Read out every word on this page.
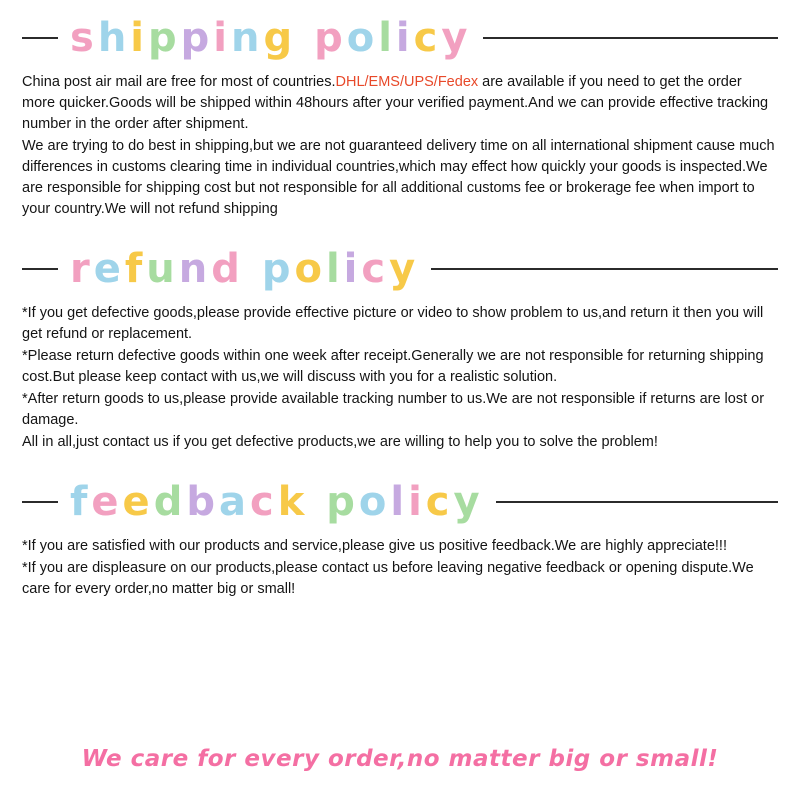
shipping policy

China post air mail are free for most of countries.DHL/EMS/UPS/Fedex are available if you need to get the order more quicker.Goods will be shipped within 48hours after your verified payment.And we can provide effective tracking number in the order after shipment.

We are trying to do best in shipping,but we are not guaranteed delivery time on all international shipment cause much differences in customs clearing time in individual countries,which may effect how quickly your goods is inspected.We are responsible for shipping cost but not responsible for all additional customs fee or brokerage fee when import to your country.We will not refund shipping

refund policy

*If you get defective goods,please provide effective picture or video to show problem to us,and return it then you will get refund or replacement.

*Please return defective goods within one week after receipt.Generally we are not responsible for returning shipping cost.But please keep contact with us,we will discuss with you for a realistic solution.

*After return goods to us,please provide available tracking number to us.We are not responsible if returns are lost or damage.

All in all,just contact us if you get defective products,we are willing to help you to solve the problem!

feedback policy

*If you are satisfied with our products and service,please give us positive feedback.We are highly appreciate!!!

*If you are displeasure on our products,please contact us before leaving negative feedback or opening dispute.We care for every order,no matter big or small!

We care for every order,no matter big or small!
